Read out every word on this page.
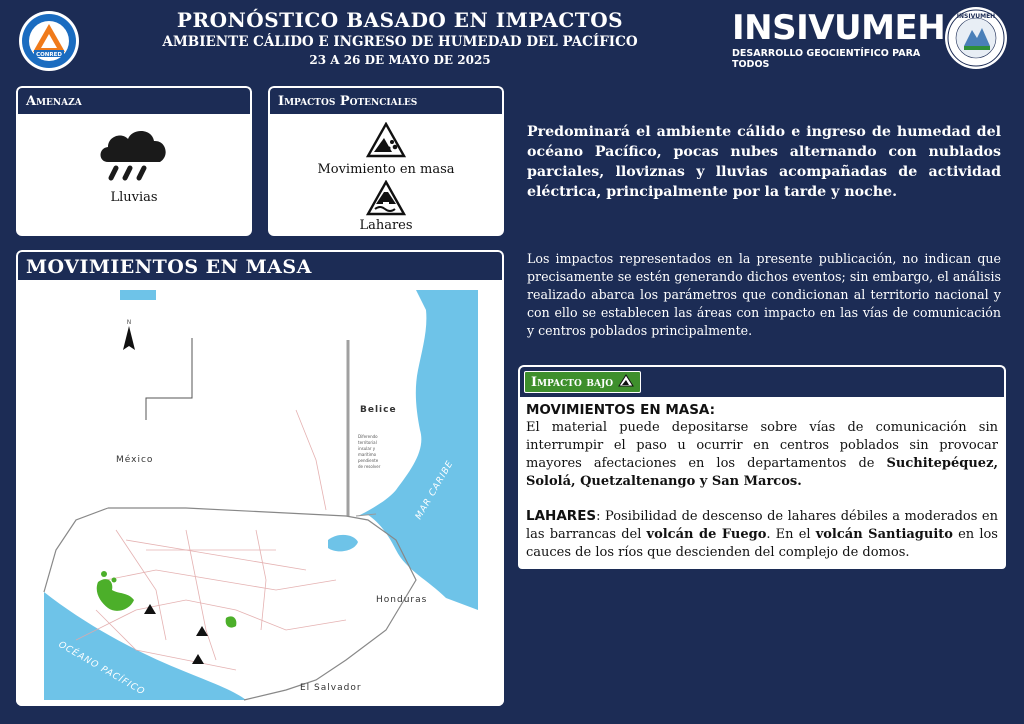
CONRED
PRONÓSTICO BASADO EN IMPACTOS
AMBIENTE CÁLIDO E INGRESO DE HUMEDAD DEL PACÍFICO
23 A 26 DE MAYO DE 2025
INSIVUMEH
DESARROLLO GEOCIENTÍFICO PARA TODOS
INSIVUMEH
Amenaza
Lluvias
Impactos Potenciales
Movimiento en masa
Lahares
MOVIMIENTOS EN MASA
N
México
Belice
Honduras
El Salvador
MAR CARIBE
OCÉANO PACÍFICO
Diferendo
territorial
insular y
marítimo
pendiente
de resolver
Predominará el ambiente cálido e ingreso de humedad del océano Pacífico, pocas nubes alternando con nublados parciales, lloviznas y lluvias acompañadas de actividad eléctrica, principalmente por la tarde y noche.
Los impactos representados en la presente publicación, no indican que precisamente se estén generando dichos eventos; sin embargo, el análisis realizado abarca los parámetros que condicionan al territorio nacional y con ello se establecen las áreas con impacto en las vías de comunicación y centros poblados principalmente.
Impacto bajo
MOVIMIENTOS EN MASA:
El material puede depositarse sobre vías de comunicación sin interrumpir el paso u ocurrir en centros poblados sin provocar mayores afectaciones en los departamentos de Suchitepéquez, Sololá, Quetzaltenango y San Marcos.
LAHARES: Posibilidad de descenso de lahares débiles a moderados en las barrancas del volcán de Fuego. En el volcán Santiaguito en los cauces de los ríos que descienden del complejo de domos.
